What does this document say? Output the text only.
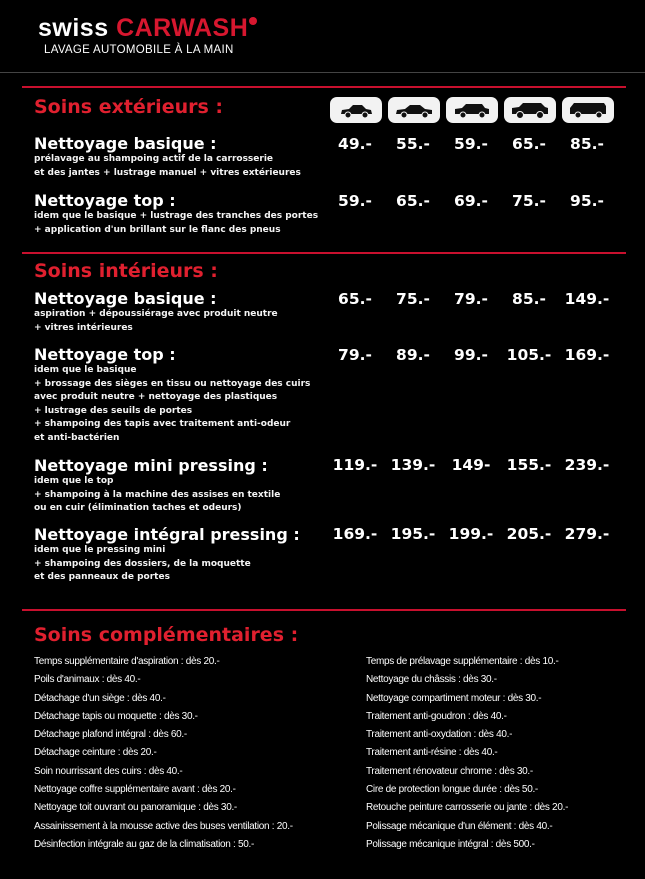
swiss CARWASH
LAVAGE AUTOMOBILE À LA MAIN
Soins extérieurs :
Nettoyage basique :
prélavage au shampoing actif de la carrosserie
et des jantes + lustrage manuel + vitres extérieures
49.-	55.-	59.-	65.-	85.-
Nettoyage top :
idem que le basique + lustrage des tranches des portes
+ application d'un brillant sur le flanc des pneus
59.-	65.-	69.-	75.-	95.-
Soins intérieurs :
Nettoyage basique :
aspiration + dépoussiérage avec produit neutre
+ vitres intérieures
65.-	75.-	79.-	85.-	149.-
Nettoyage top :
idem que le basique
+ brossage des sièges en tissu ou nettoyage des cuirs
avec produit neutre + nettoyage des plastiques
+ lustrage des seuils de portes
+ shampoing des tapis avec traitement anti-odeur
et anti-bactérien
79.-	89.-	99.-	105.- 169.-
Nettoyage mini pressing :
idem que le top
+ shampoing à la machine des assises en textile
ou en cuir (élimination taches et odeurs)
119.- 139.-	149-	155.- 239.-
Nettoyage intégral pressing :
idem que le pressing mini
+ shampoing des dossiers, de la moquette
et des panneaux de portes
169.- 195.- 199.- 205.- 279.-
Soins complémentaires :
Temps supplémentaire d'aspiration : dès 20.-
Poils d'animaux : dès 40.-
Détachage d'un siège : dès 40.-
Détachage tapis ou moquette : dès 30.-
Détachage plafond intégral : dès 60.-
Détachage ceinture : dès 20.-
Soin nourrissant des cuirs : dès 40.-
Nettoyage coffre supplémentaire avant : dès 20.-
Nettoyage toit ouvrant ou panoramique : dès 30.-
Assainissement à la mousse active des buses ventilation : 20.-
Désinfection intégrale au gaz de la climatisation : 50.-
Temps de prélavage supplémentaire : dès 10.-
Nettoyage du châssis : dès 30.-
Nettoyage compartiment moteur : dès 30.-
Traitement anti-goudron : dès 40.-
Traitement anti-oxydation : dès 40.-
Traitement anti-résine : dès 40.-
Traitement rénovateur chrome : dès 30.-
Cire de protection longue durée : dès 50.-
Retouche peinture carrosserie ou jante : dès 20.-
Polissage mécanique d'un élément : dès 40.-
Polissage mécanique intégral : dès 500.-
